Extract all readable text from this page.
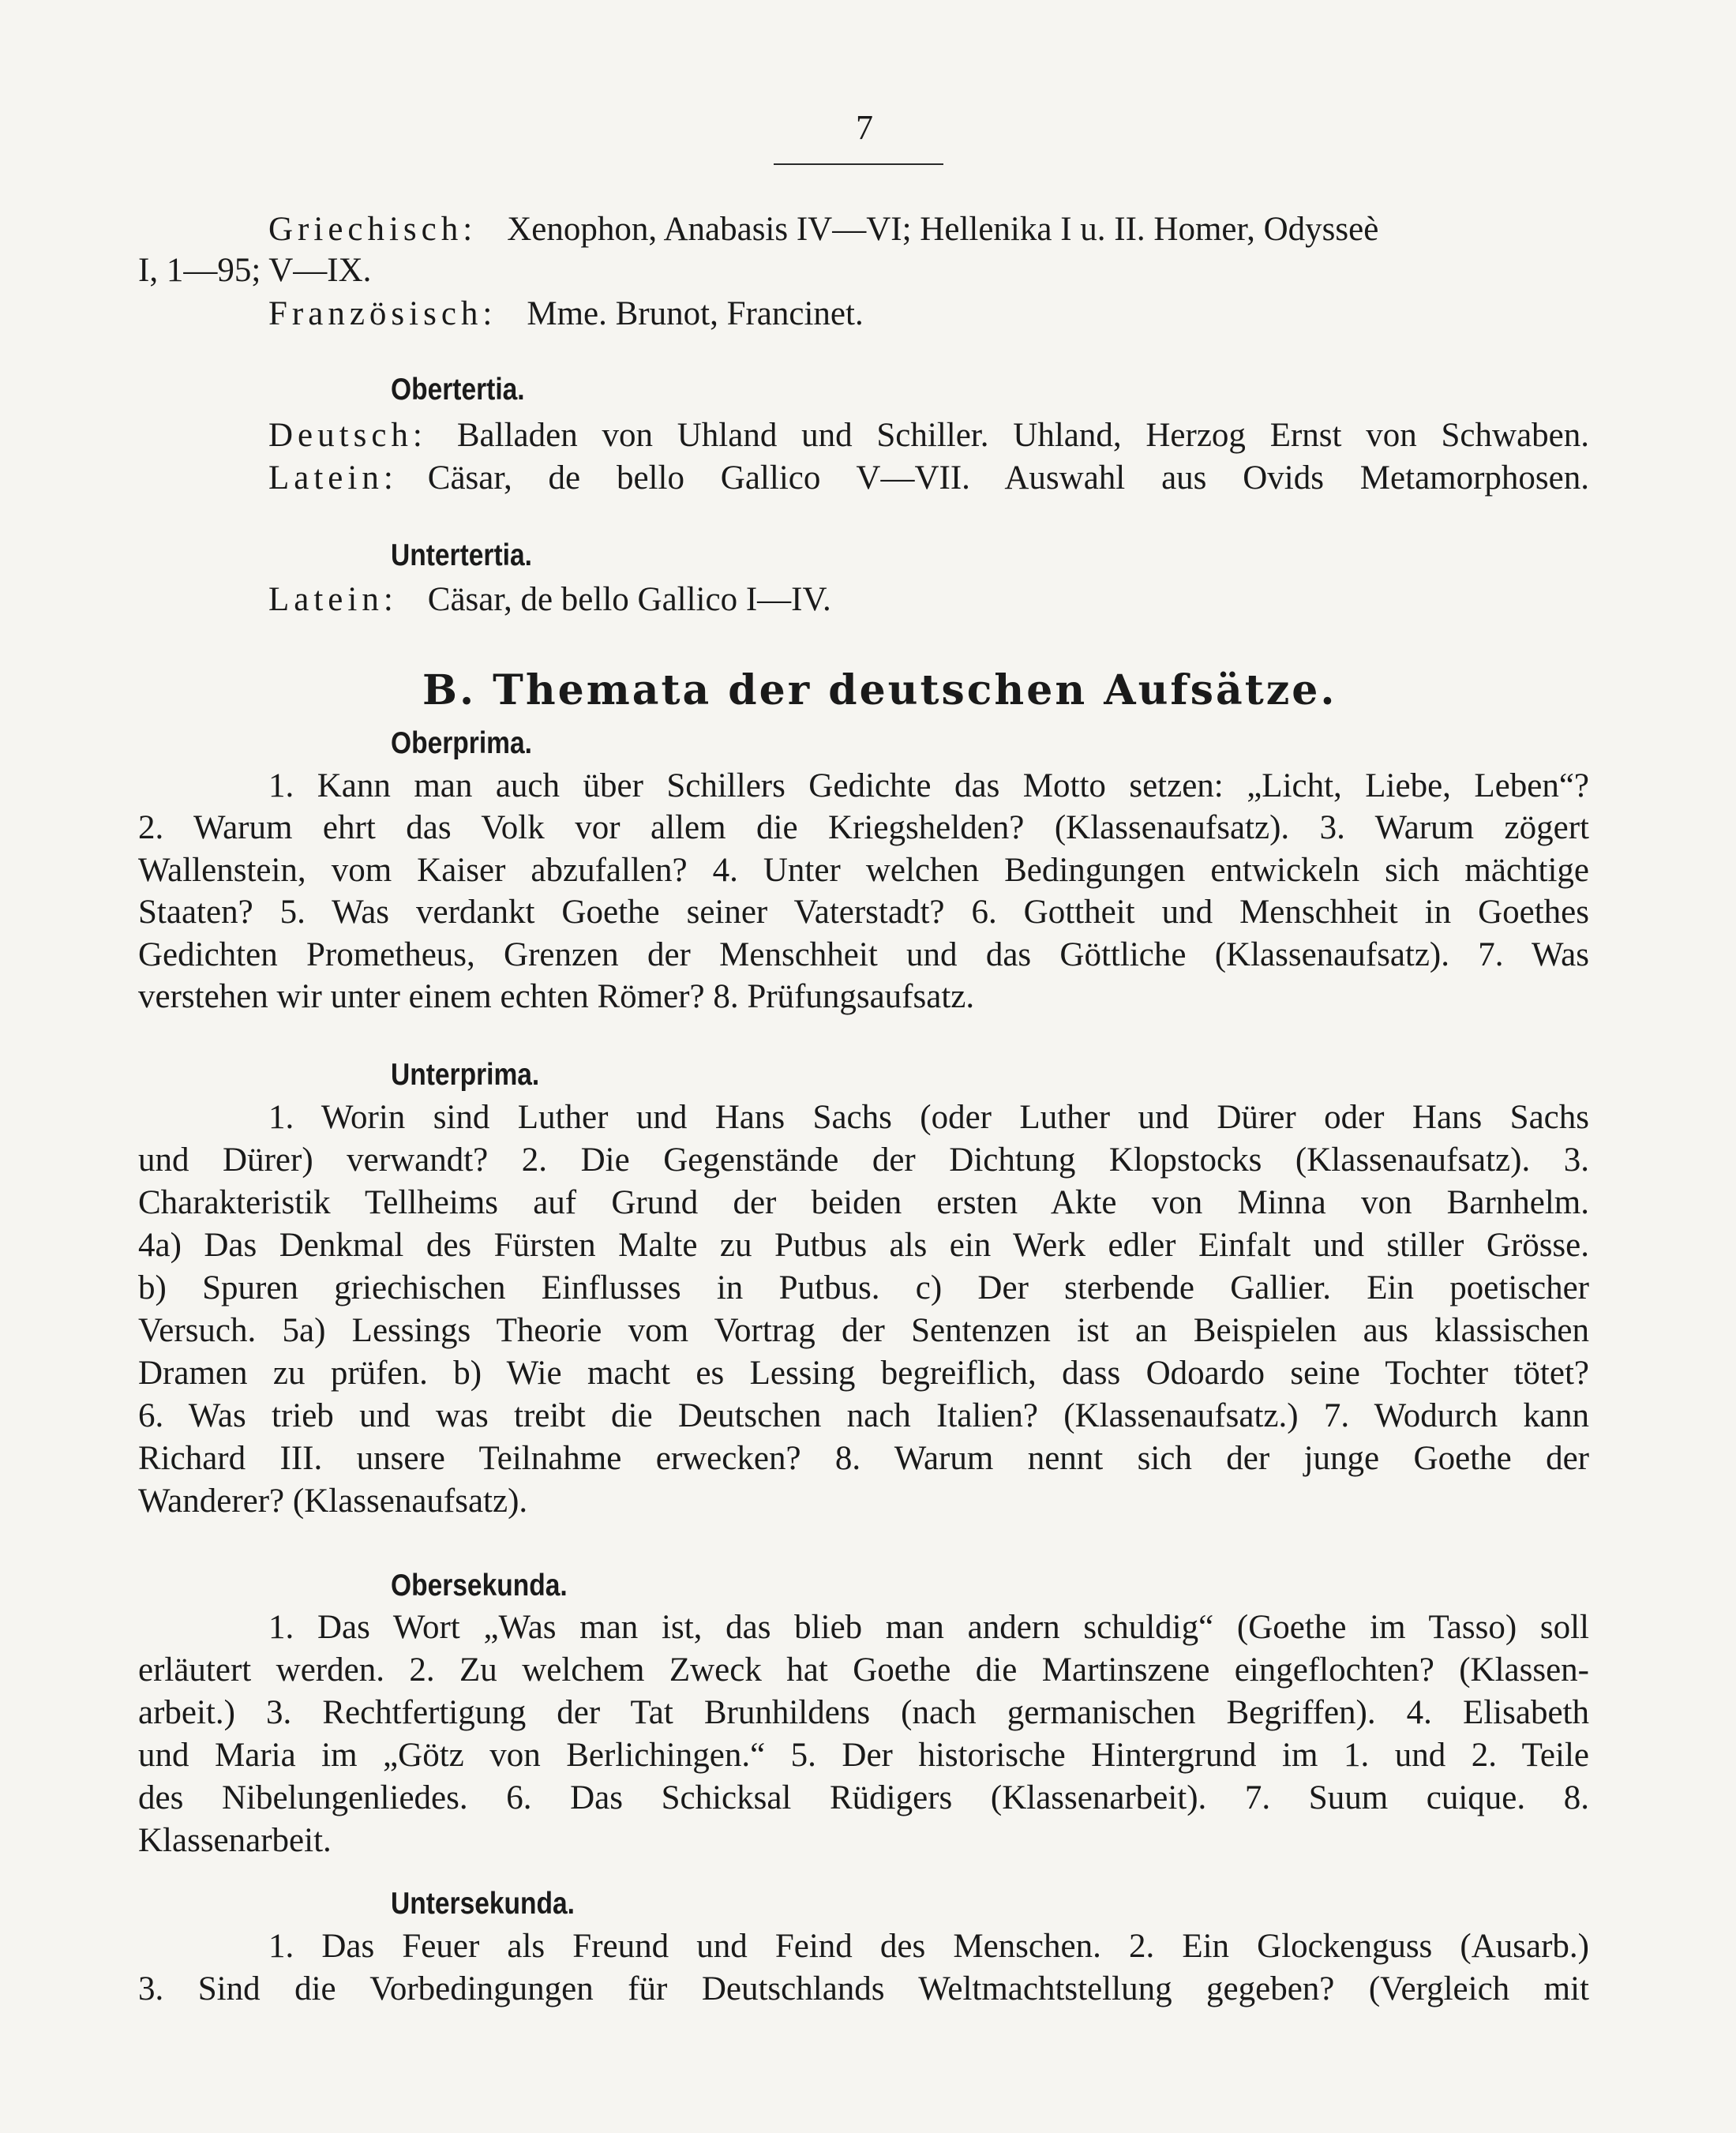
7
Griechisch: Xenophon, Anabasis IV—VI; Hellenika I u. II. Homer, Odysseè
I, 1—95; V—IX.
Französisch: Mme. Brunot, Francinet.
Obertertia.
Deutsch: Balladen von Uhland und Schiller. Uhland, Herzog Ernst von Schwaben.
Latein: Cäsar, de bello Gallico V—VII. Auswahl aus Ovids Metamorphosen.
Untertertia.
Latein: Cäsar, de bello Gallico I—IV.
B. Themata der deutschen Aufsätze.
Oberprima.
1. Kann man auch über Schillers Gedichte das Motto setzen: „Licht, Liebe, Leben“?
2. Warum ehrt das Volk vor allem die Kriegshelden? (Klassenaufsatz). 3. Warum zögert
Wallenstein, vom Kaiser abzufallen? 4. Unter welchen Bedingungen entwickeln sich mächtige
Staaten? 5. Was verdankt Goethe seiner Vaterstadt? 6. Gottheit und Menschheit in Goethes
Gedichten Prometheus, Grenzen der Menschheit und das Göttliche (Klassenaufsatz). 7. Was
verstehen wir unter einem echten Römer? 8. Prüfungsaufsatz.
Unterprima.
1. Worin sind Luther und Hans Sachs (oder Luther und Dürer oder Hans Sachs
und Dürer) verwandt? 2. Die Gegenstände der Dichtung Klopstocks (Klassenaufsatz). 3.
Charakteristik Tellheims auf Grund der beiden ersten Akte von Minna von Barnhelm.
4a) Das Denkmal des Fürsten Malte zu Putbus als ein Werk edler Einfalt und stiller Grösse.
b) Spuren griechischen Einflusses in Putbus. c) Der sterbende Gallier. Ein poetischer
Versuch. 5a) Lessings Theorie vom Vortrag der Sentenzen ist an Beispielen aus klassischen
Dramen zu prüfen. b) Wie macht es Lessing begreiflich, dass Odoardo seine Tochter tötet?
6. Was trieb und was treibt die Deutschen nach Italien? (Klassenaufsatz.) 7. Wodurch kann
Richard III. unsere Teilnahme erwecken? 8. Warum nennt sich der junge Goethe der
Wanderer? (Klassenaufsatz).
Obersekunda.
1. Das Wort „Was man ist, das blieb man andern schuldig“ (Goethe im Tasso) soll
erläutert werden. 2. Zu welchem Zweck hat Goethe die Martinszene eingeflochten? (Klassen-
arbeit.) 3. Rechtfertigung der Tat Brunhildens (nach germanischen Begriffen). 4. Elisabeth
und Maria im „Götz von Berlichingen.“ 5. Der historische Hintergrund im 1. und 2. Teile
des Nibelungenliedes. 6. Das Schicksal Rüdigers (Klassenarbeit). 7. Suum cuique. 8.
Klassenarbeit.
Untersekunda.
1. Das Feuer als Freund und Feind des Menschen. 2. Ein Glockenguss (Ausarb.)
3. Sind die Vorbedingungen für Deutschlands Weltmachtstellung gegeben? (Vergleich mit
